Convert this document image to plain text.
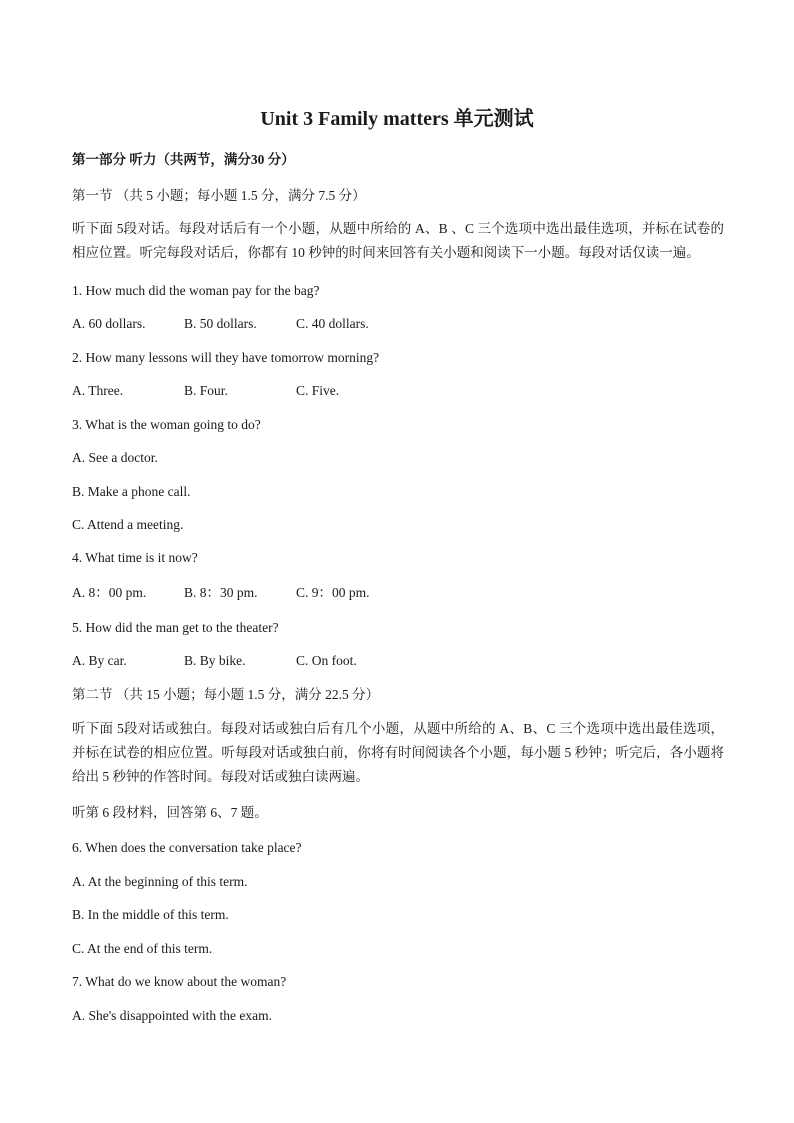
Unit 3 Family matters 单元测试
第一部分 听力（共两节，满分30 分）
第一节 （共 5 小题；每小题 1.5 分，满分 7.5 分）
听下面 5段对话。每段对话后有一个小题，从题中所给的 A、B 、C 三个选项中选出最佳选项，并标在试卷的相应位置。听完每段对话后，你都有 10 秒钟的时间来回答有关小题和阅读下一小题。每段对话仅读一遍。
1. How much did the woman pay for the bag?
A. 60 dollars.	B. 50 dollars.	C. 40 dollars.
2. How many lessons will they have tomorrow morning?
A. Three.	B. Four.	C. Five.
3. What is the woman going to do?
A. See a doctor.
B. Make a phone call.
C. Attend a meeting.
4. What time is it now?
A. 8：00 pm.	B. 8：30 pm.	C. 9：00 pm.
5. How did the man get to the theater?
A. By car.	B. By bike.	C. On foot.
第二节 （共 15 小题；每小题 1.5 分，满分 22.5 分）
听下面 5段对话或独白。每段对话或独白后有几个小题，从题中所给的 A、B、C 三个选项中选出最佳选项，并标在试卷的相应位置。听每段对话或独白前，你将有时间阅读各个小题，每小题 5 秒钟；听完后，各小题将给出 5 秒钟的作答时间。每段对话或独白读两遍。
听第 6 段材料，回答第 6、7 题。
6. When does the conversation take place?
A. At the beginning of this term.
B. In the middle of this term.
C. At the end of this term.
7. What do we know about the woman?
A. She's disappointed with the exam.
